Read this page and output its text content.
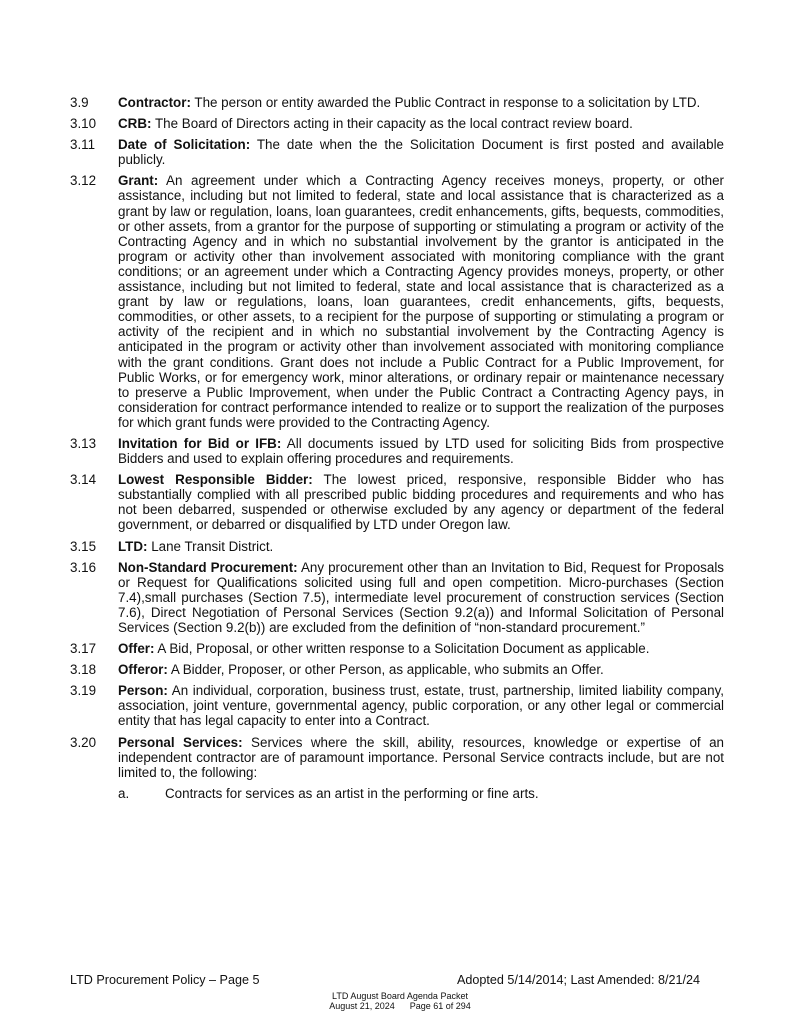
3.9	Contractor: The person or entity awarded the Public Contract in response to a solicitation by LTD.
3.10	CRB: The Board of Directors acting in their capacity as the local contract review board.
3.11	Date of Solicitation: The date when the the Solicitation Document is first posted and available publicly.
3.12	Grant: An agreement under which a Contracting Agency receives moneys, property, or other assistance, including but not limited to federal, state and local assistance that is characterized as a grant by law or regulation, loans, loan guarantees, credit enhancements, gifts, bequests, commodities, or other assets, from a grantor for the purpose of supporting or stimulating a program or activity of the Contracting Agency and in which no substantial involvement by the grantor is anticipated in the program or activity other than involvement associated with monitoring compliance with the grant conditions; or an agreement under which a Contracting Agency provides moneys, property, or other assistance, including but not limited to federal, state and local assistance that is characterized as a grant by law or regulations, loans, loan guarantees, credit enhancements, gifts, bequests, commodities, or other assets, to a recipient for the purpose of supporting or stimulating a program or activity of the recipient and in which no substantial involvement by the Contracting Agency is anticipated in the program or activity other than involvement associated with monitoring compliance with the grant conditions. Grant does not include a Public Contract for a Public Improvement, for Public Works, or for emergency work, minor alterations, or ordinary repair or maintenance necessary to preserve a Public Improvement, when under the Public Contract a Contracting Agency pays, in consideration for contract performance intended to realize or to support the realization of the purposes for which grant funds were provided to the Contracting Agency.
3.13	Invitation for Bid or IFB: All documents issued by LTD used for soliciting Bids from prospective Bidders and used to explain offering procedures and requirements.
3.14	Lowest Responsible Bidder: The lowest priced, responsive, responsible Bidder who has substantially complied with all prescribed public bidding procedures and requirements and who has not been debarred, suspended or otherwise excluded by any agency or department of the federal government, or debarred or disqualified by LTD under Oregon law.
3.15	LTD: Lane Transit District.
3.16	Non-Standard Procurement: Any procurement other than an Invitation to Bid, Request for Proposals or Request for Qualifications solicited using full and open competition. Micro-purchases (Section 7.4),small purchases (Section 7.5), intermediate level procurement of construction services (Section 7.6), Direct Negotiation of Personal Services (Section 9.2(a)) and Informal Solicitation of Personal Services (Section 9.2(b)) are excluded from the definition of “non-standard procurement.”
3.17	Offer: A Bid, Proposal, or other written response to a Solicitation Document as applicable.
3.18	Offeror: A Bidder, Proposer, or other Person, as applicable, who submits an Offer.
3.19	Person: An individual, corporation, business trust, estate, trust, partnership, limited liability company, association, joint venture, governmental agency, public corporation, or any other legal or commercial entity that has legal capacity to enter into a Contract.
3.20	Personal Services: Services where the skill, ability, resources, knowledge or expertise of an independent contractor are of paramount importance. Personal Service contracts include, but are not limited to, the following:
a.	Contracts for services as an artist in the performing or fine arts.
LTD Procurement Policy – Page 5	Adopted 5/14/2014; Last Amended: 8/21/24
LTD August Board Agenda Packet
August 21, 2024      Page 61 of 294
